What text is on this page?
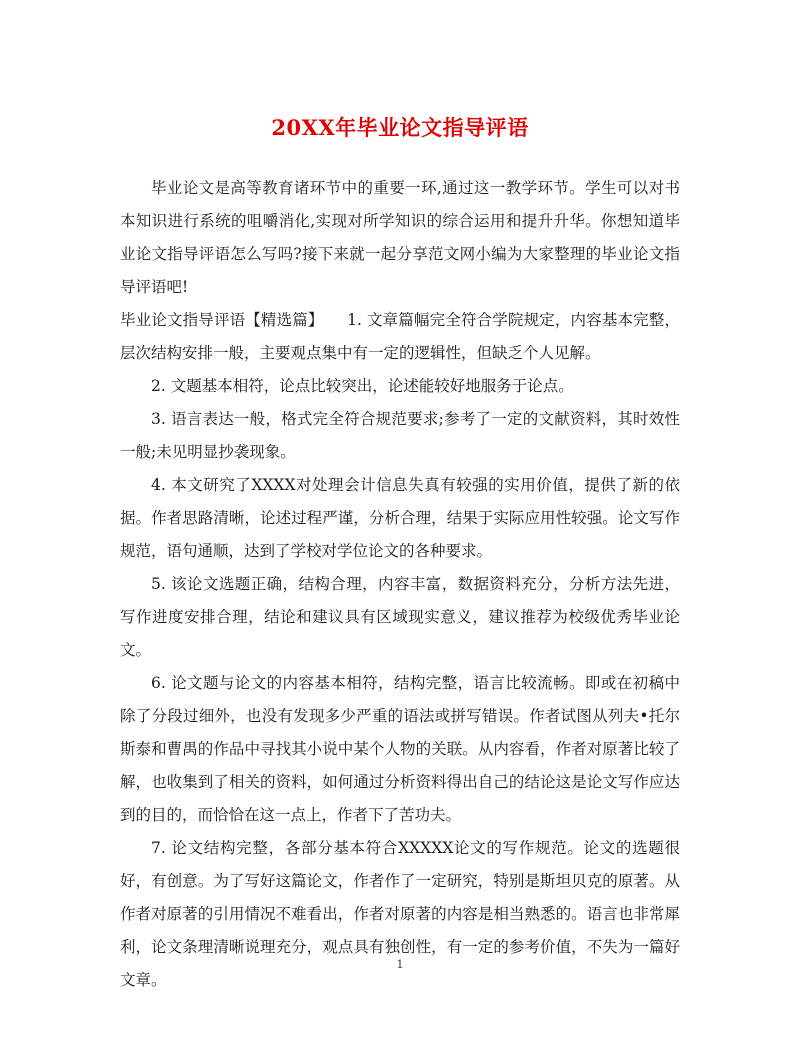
20XX年毕业论文指导评语

毕业论文是高等教育诸环节中的重要一环,通过这一教学环节。学生可以对书本知识进行系统的咀嚼消化,实现对所学知识的综合运用和提升升华。你想知道毕业论文指导评语怎么写吗?接下来就一起分享范文网小编为大家整理的毕业论文指导评语吧!

毕业论文指导评语【精选篇】　　1. 文章篇幅完全符合学院规定，内容基本完整，层次结构安排一般，主要观点集中有一定的逻辑性，但缺乏个人见解。

2. 文题基本相符，论点比较突出，论述能较好地服务于论点。

3. 语言表达一般，格式完全符合规范要求;参考了一定的文献资料，其时效性一般;未见明显抄袭现象。

4. 本文研究了XXXX对处理会计信息失真有较强的实用价值，提供了新的依据。作者思路清晰，论述过程严谨，分析合理，结果于实际应用性较强。论文写作规范，语句通顺，达到了学校对学位论文的各种要求。

5. 该论文选题正确，结构合理，内容丰富，数据资料充分，分析方法先进，写作进度安排合理，结论和建议具有区域现实意义，建议推荐为校级优秀毕业论文。

6. 论文题与论文的内容基本相符，结构完整，语言比较流畅。即或在初稿中除了分段过细外，也没有发现多少严重的语法或拼写错误。作者试图从列夫•托尔斯泰和曹禺的作品中寻找其小说中某个人物的关联。从内容看，作者对原著比较了解，也收集到了相关的资料，如何通过分析资料得出自己的结论这是论文写作应达到的目的，而恰恰在这一点上，作者下了苦功夫。

7. 论文结构完整，各部分基本符合XXXXX论文的写作规范。论文的选题很好，有创意。为了写好这篇论文，作者作了一定研究，特别是斯坦贝克的原著。从作者对原著的引用情况不难看出，作者对原著的内容是相当熟悉的。语言也非常犀利，论文条理清晰说理充分，观点具有独创性，有一定的参考价值，不失为一篇好文章。

1
